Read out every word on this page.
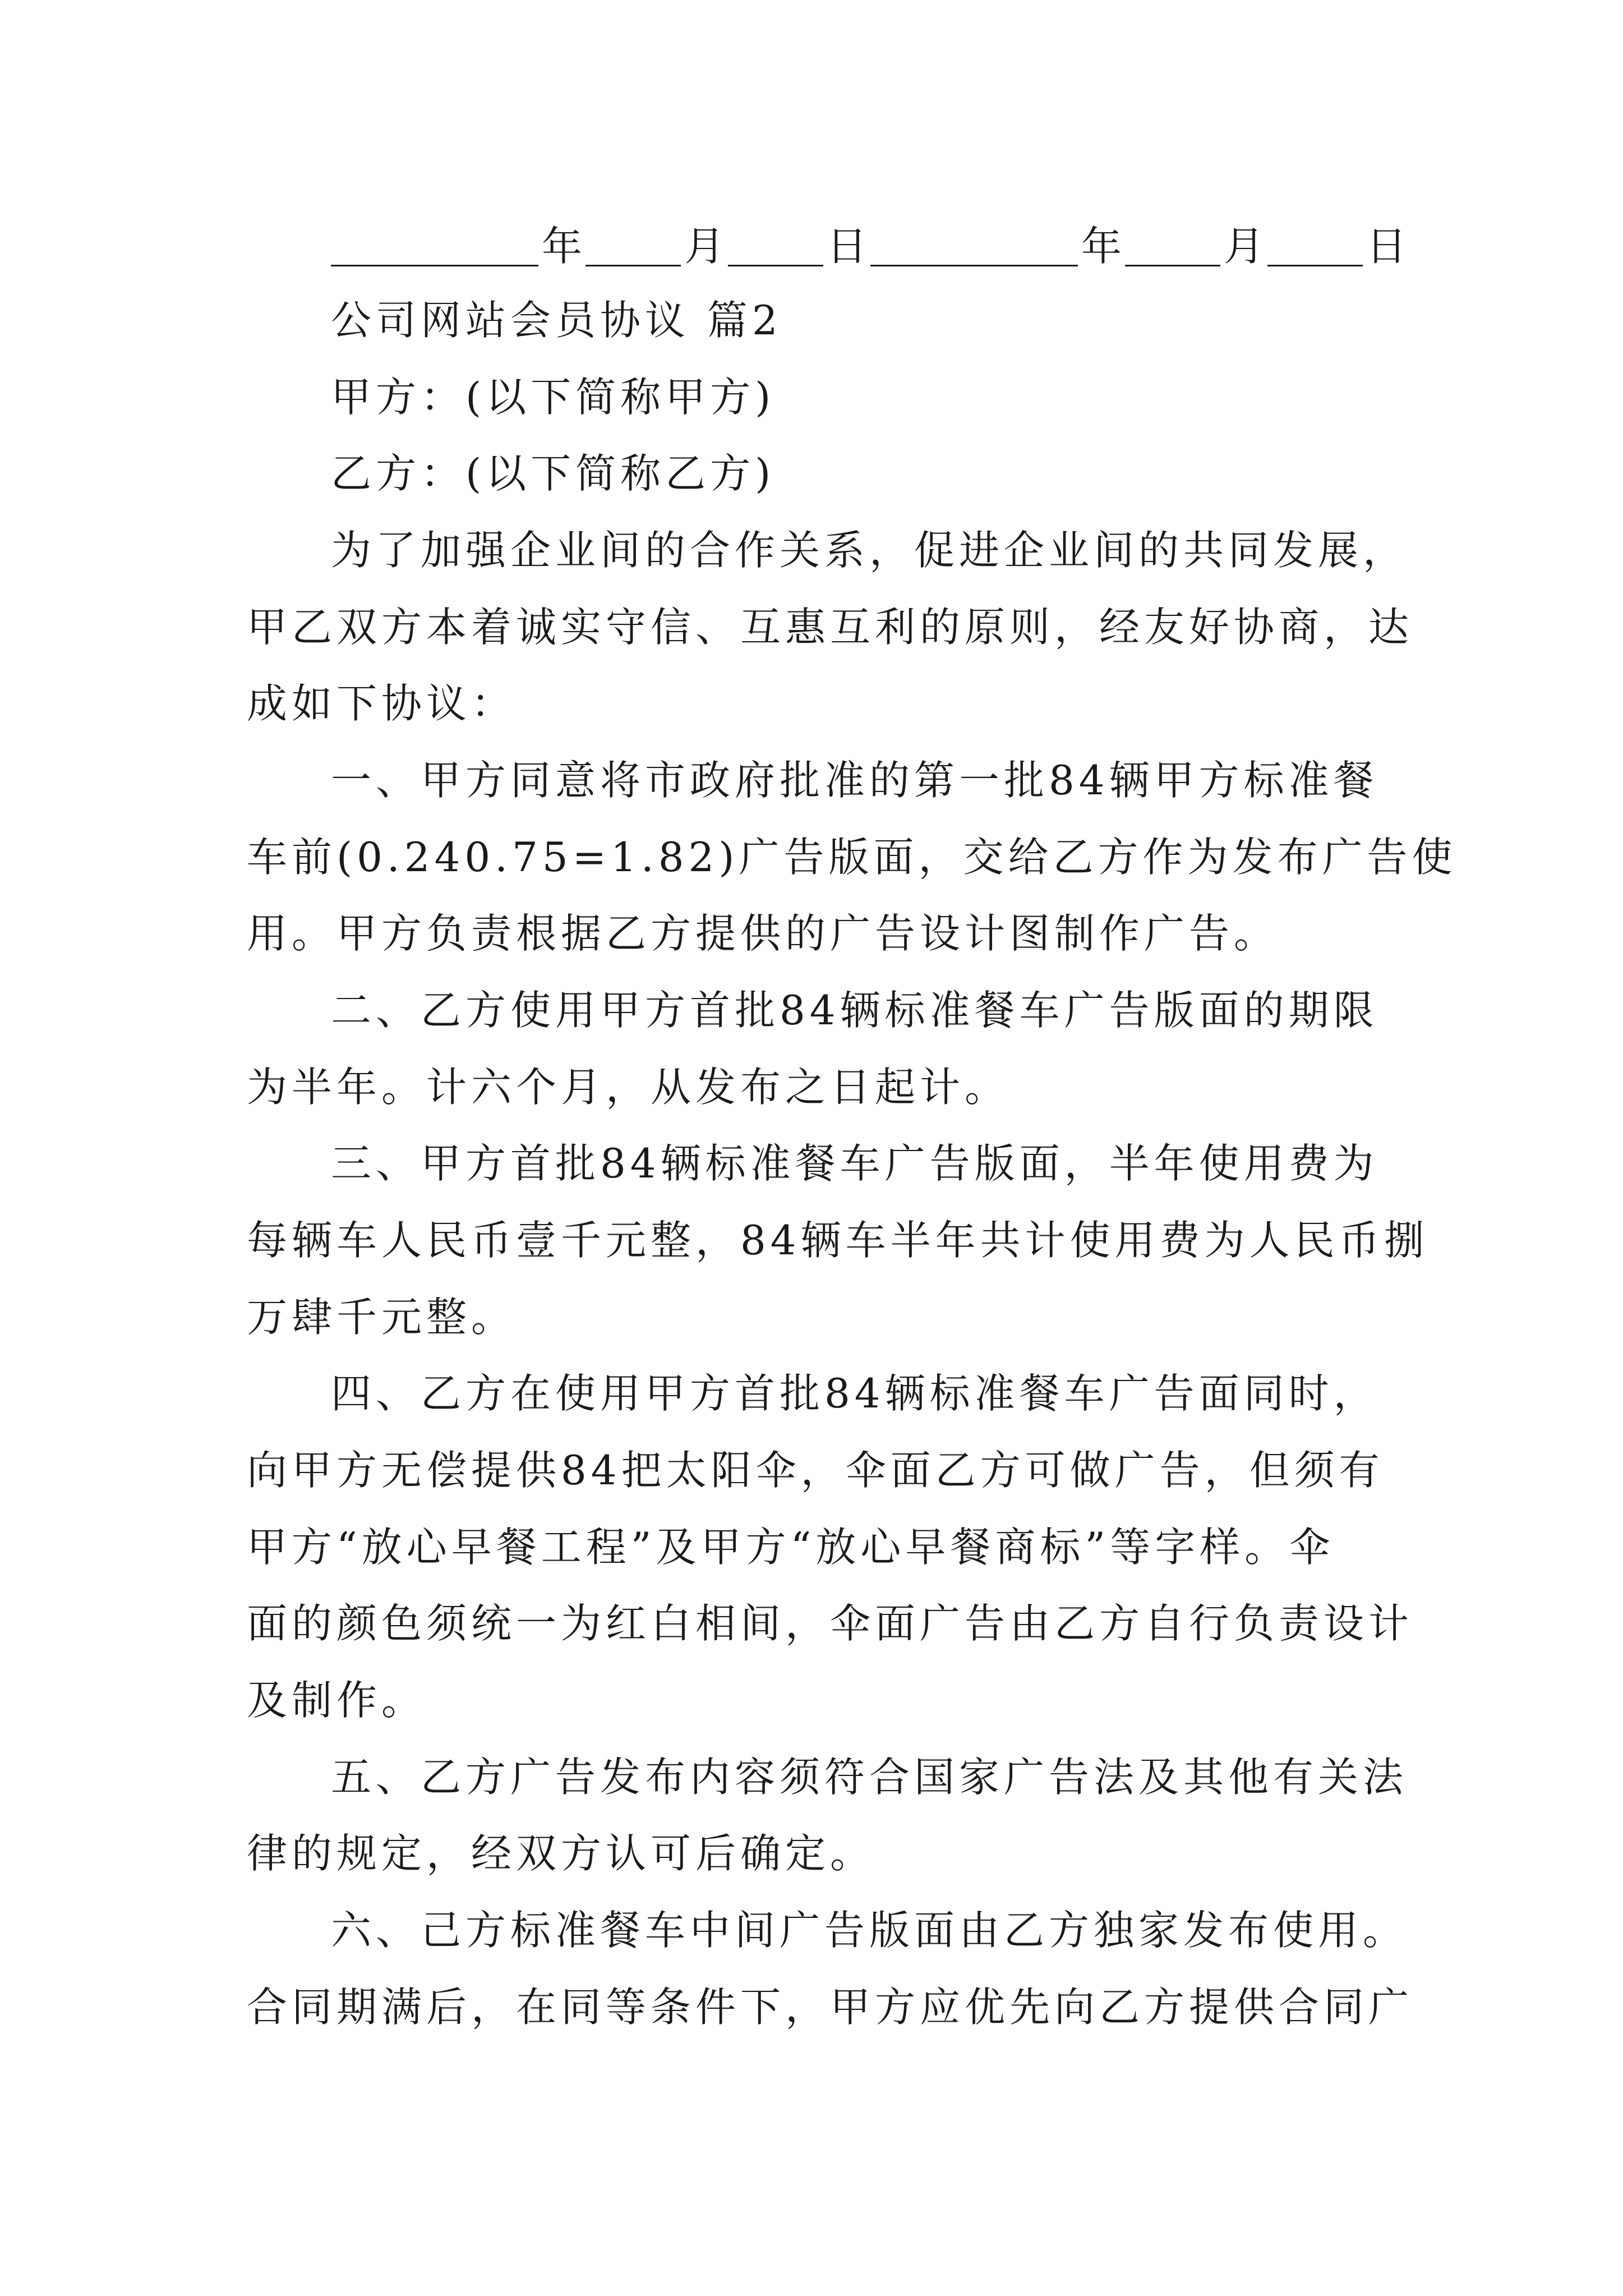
年	月	日	年	月	日
公司网站会员协议 篇2
甲方：(以下简称甲方)
乙方：(以下简称乙方)
为了加强企业间的合作关系，促进企业间的共同发展，
甲乙双方本着诚实守信、互惠互利的原则，经友好协商，达
成如下协议：
一、甲方同意将市政府批准的第一批84辆甲方标准餐
车前(0.240.75=1.82)广告版面，交给乙方作为发布广告使
用。甲方负责根据乙方提供的广告设计图制作广告。
二、乙方使用甲方首批84辆标准餐车广告版面的期限
为半年。计六个月，从发布之日起计。
三、甲方首批84辆标准餐车广告版面，半年使用费为
每辆车人民币壹千元整，84辆车半年共计使用费为人民币捌
万肆千元整。
四、乙方在使用甲方首批84辆标准餐车广告面同时，
向甲方无偿提供84把太阳伞，伞面乙方可做广告，但须有
甲方“放心早餐工程”及甲方“放心早餐商标”等字样。伞
面的颜色须统一为红白相间，伞面广告由乙方自行负责设计
及制作。
五、乙方广告发布内容须符合国家广告法及其他有关法
律的规定，经双方认可后确定。
六、己方标准餐车中间广告版面由乙方独家发布使用。
合同期满后，在同等条件下，甲方应优先向乙方提供合同广
